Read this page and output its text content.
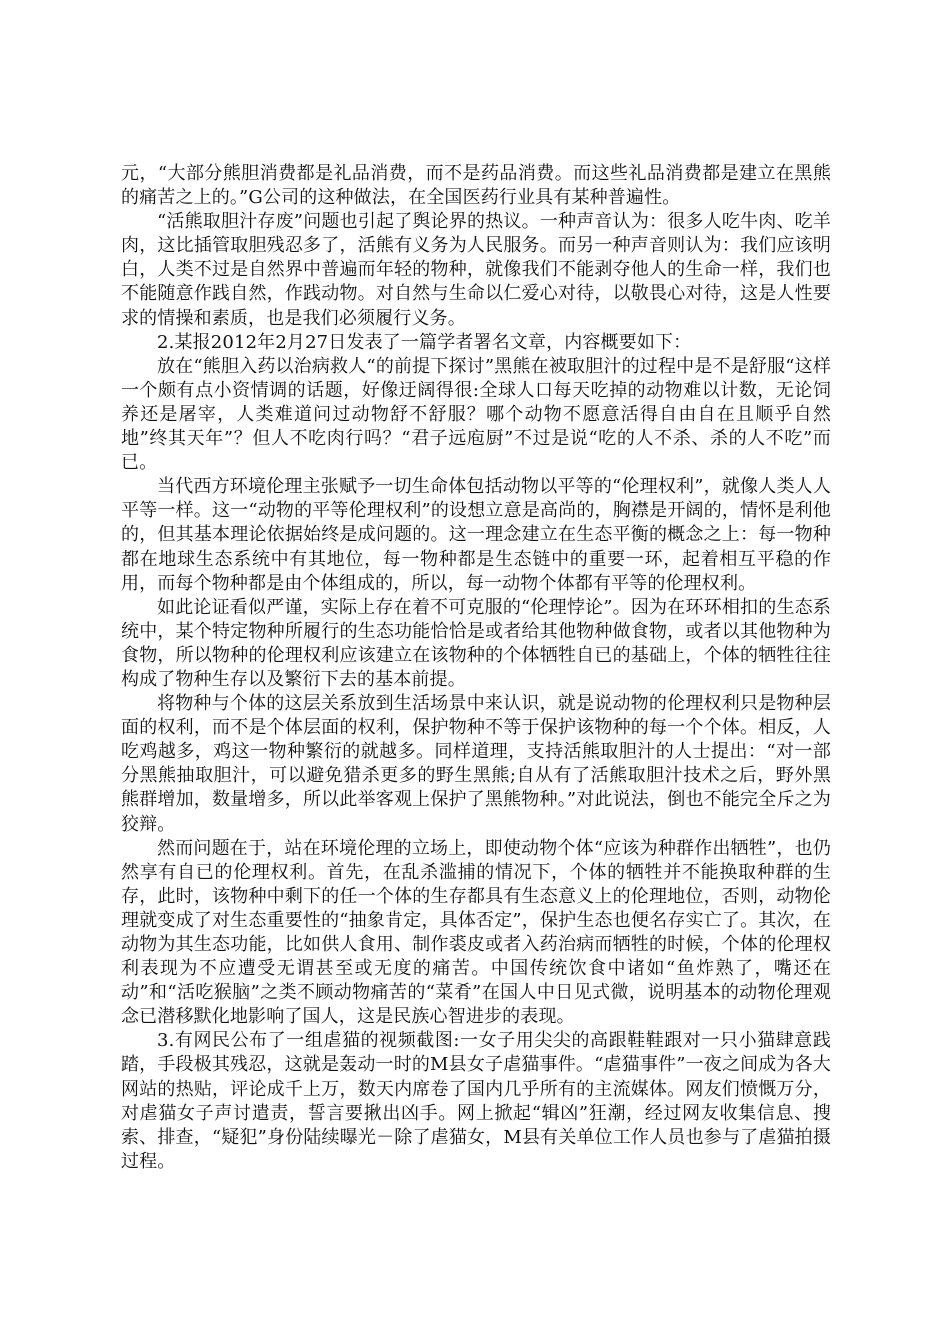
元，“大部分熊胆消费都是礼品消费，而不是药品消费。而这些礼品消费都是建立在黑熊的痛苦之上的。”G公司的这种做法，在全国医药行业具有某种普遍性。

“活熊取胆汁存废”问题也引起了舆论界的热议。一种声音认为：很多人吃牛肉、吃羊肉，这比插管取胆残忍多了，活熊有义务为人民服务。而另一种声音则认为：我们应该明白，人类不过是自然界中普遍而年轻的物种，就像我们不能剥夺他人的生命一样，我们也不能随意作践自然，作践动物。对自然与生命以仁爱心对待，以敬畏心对待，这是人性要求的情操和素质，也是我们必须履行义务。

2.某报2012年2月27日发表了一篇学者署名文章，内容概要如下：

放在“熊胆入药以治病救人“的前提下探讨”黑熊在被取胆汁的过程中是不是舒服“这样一个颇有点小资情调的话题，好像迂阔得很:全球人口每天吃掉的动物难以计数，无论饲养还是屠宰，人类难道问过动物舒不舒服？哪个动物不愿意活得自由自在且顺乎自然地”终其天年”？但人不吃肉行吗？“君子远庖厨”不过是说“吃的人不杀、杀的人不吃”而已。

当代西方环境伦理主张赋予一切生命体包括动物以平等的“伦理权利”，就像人类人人平等一样。这一“动物的平等伦理权利”的设想立意是高尚的，胸襟是开阔的，情怀是利他的，但其基本理论依据始终是成问题的。这一理念建立在生态平衡的概念之上：每一物种都在地球生态系统中有其地位，每一物种都是生态链中的重要一环，起着相互平稳的作用，而每个物种都是由个体组成的，所以，每一动物个体都有平等的伦理权利。

如此论证看似严谨，实际上存在着不可克服的“伦理悖论”。因为在环环相扣的生态系统中，某个特定物种所履行的生态功能恰恰是或者给其他物种做食物，或者以其他物种为食物，所以物种的伦理权利应该建立在该物种的个体牺牲自已的基础上，个体的牺牲往往构成了物种生存以及繁衍下去的基本前提。

将物种与个体的这层关系放到生活场景中来认识，就是说动物的伦理权利只是物种层面的权利，而不是个体层面的权利，保护物种不等于保护该物种的每一个个体。相反，人吃鸡越多，鸡这一物种繁衍的就越多。同样道理，支持活熊取胆汁的人士提出：“对一部分黑熊抽取胆汁，可以避免猎杀更多的野生黑熊;自从有了活熊取胆汁技术之后，野外黑熊群增加，数量增多，所以此举客观上保护了黑熊物种。”对此说法，倒也不能完全斥之为狡辩。

然而问题在于，站在环境伦理的立场上，即使动物个体“应该为种群作出牺牲”，也仍然享有自已的伦理权利。首先，在乱杀滥捕的情况下，个体的牺牲并不能换取种群的生存，此时，该物种中剩下的任一个体的生存都具有生态意义上的伦理地位，否则，动物伦理就变成了对生态重要性的“抽象肯定，具体否定”，保护生态也便名存实亡了。其次，在动物为其生态功能，比如供人食用、制作裘皮或者入药治病而牺牲的时候，个体的伦理权利表现为不应遭受无谓甚至或无度的痛苦。中国传统饮食中诸如“鱼炸熟了，嘴还在动”和“活吃猴脑”之类不顾动物痛苦的“菜肴”在国人中日见式微，说明基本的动物伦理观念已潜移默化地影响了国人，这是民族心智进步的表现。

3.有网民公布了一组虐猫的视频截图:一女子用尖尖的高跟鞋鞋跟对一只小猫肆意践踏，手段极其残忍，这就是轰动一时的M县女子虐猫事件。“虐猫事件”一夜之间成为各大网站的热贴，评论成千上万，数天内席卷了国内几乎所有的主流媒体。网友们愤慨万分，对虐猫女子声讨遣责，誓言要揪出凶手。网上掀起“辑凶”狂潮，经过网友收集信息、搜索、排查，“疑犯”身份陆续曝光－除了虐猫女，M县有关单位工作人员也参与了虐猫拍摄过程。
